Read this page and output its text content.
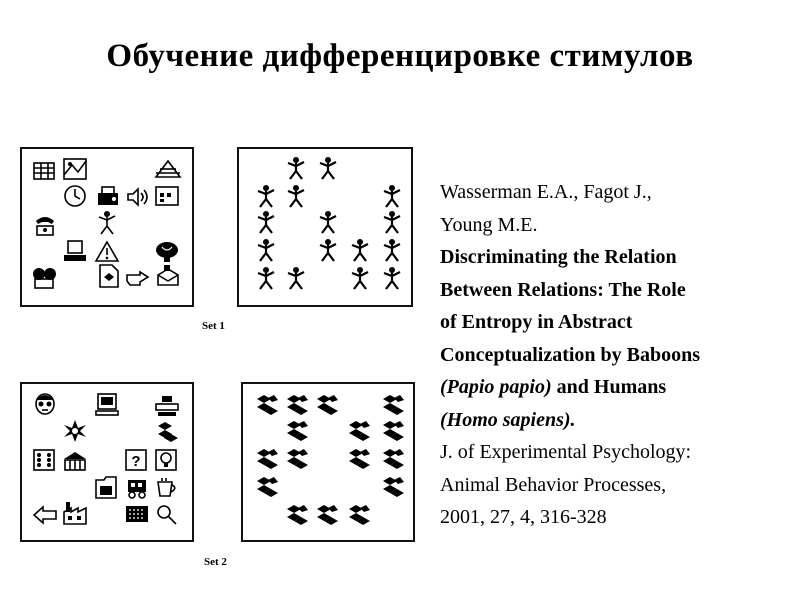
Обучение дифференцировке стимулов
Set 1
?
Set 2
Wasserman E.A., Fagot J.,
Young M.E.
Discriminating the Relation
Between Relations: The Role
of Entropy in Abstract
Conceptualization by Baboons
(Papio papio) and Humans
(Homo sapiens).
J. of Experimental Psychology:
Animal Behavior Processes,
2001, 27, 4, 316-328
